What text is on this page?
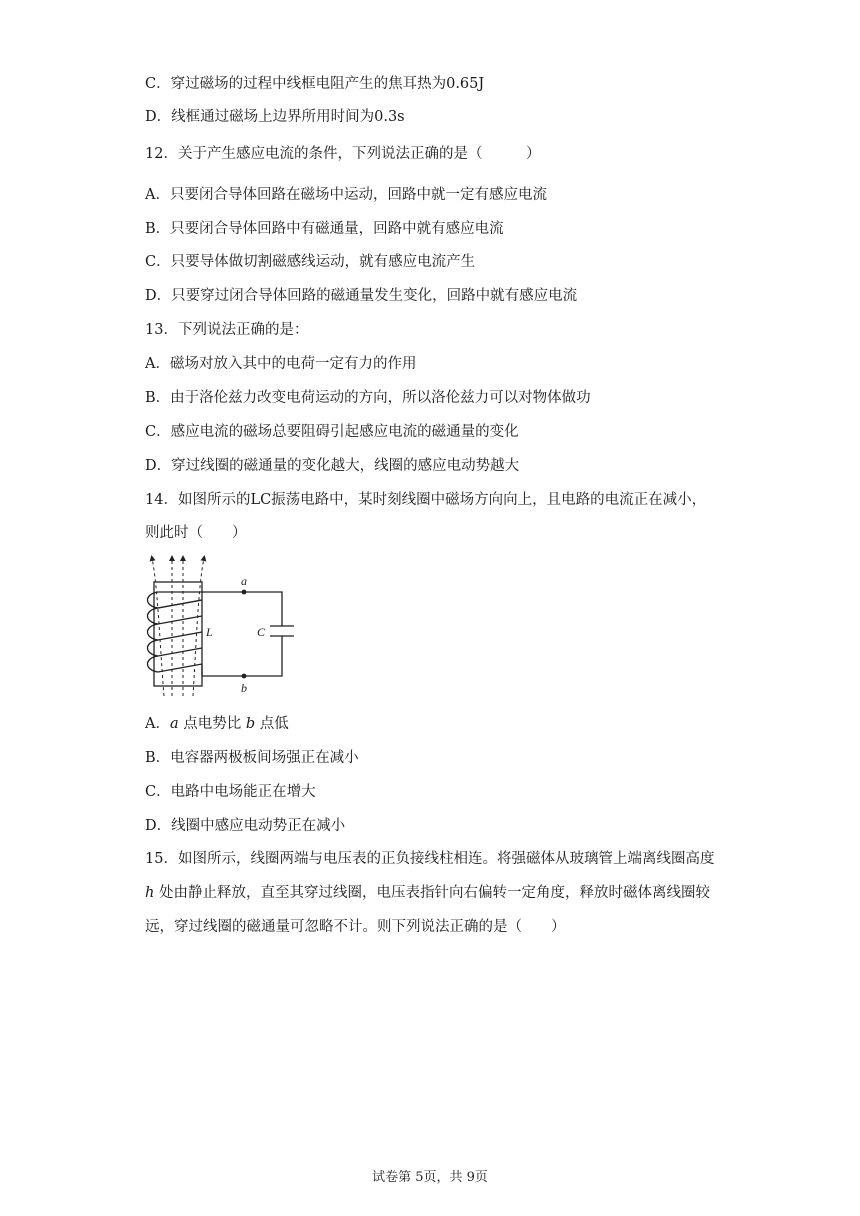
C．穿过磁场的过程中线框电阻产生的焦耳热为0.65J
D．线框通过磁场上边界所用时间为0.3s
12．关于产生感应电流的条件，下列说法正确的是（　　　）
A．只要闭合导体回路在磁场中运动，回路中就一定有感应电流
B．只要闭合导体回路中有磁通量，回路中就有感应电流
C．只要导体做切割磁感线运动，就有感应电流产生
D．只要穿过闭合导体回路的磁通量发生变化，回路中就有感应电流
13．下列说法正确的是：
A．磁场对放入其中的电荷一定有力的作用
B．由于洛伦兹力改变电荷运动的方向，所以洛伦兹力可以对物体做功
C．感应电流的磁场总要阻碍引起感应电流的磁通量的变化
D．穿过线圈的磁通量的变化越大，线圈的感应电动势越大
14．如图所示的LC振荡电路中，某时刻线圈中磁场方向向上，且电路的电流正在减小，
则此时（　　）
a
b
L	C
A．a 点电势比 b 点低
B．电容器两极板间场强正在减小
C．电路中电场能正在增大
D．线圈中感应电动势正在减小
15．如图所示，线圈两端与电压表的正负接线柱相连。将强磁体从玻璃管上端离线圈高度 h 处由静止释放，直至其穿过线圈，电压表指针向右偏转一定角度，释放时磁体离线圈较远，穿过线圈的磁通量可忽略不计。则下列说法正确的是（　　）
试卷第 5页，共 9页
